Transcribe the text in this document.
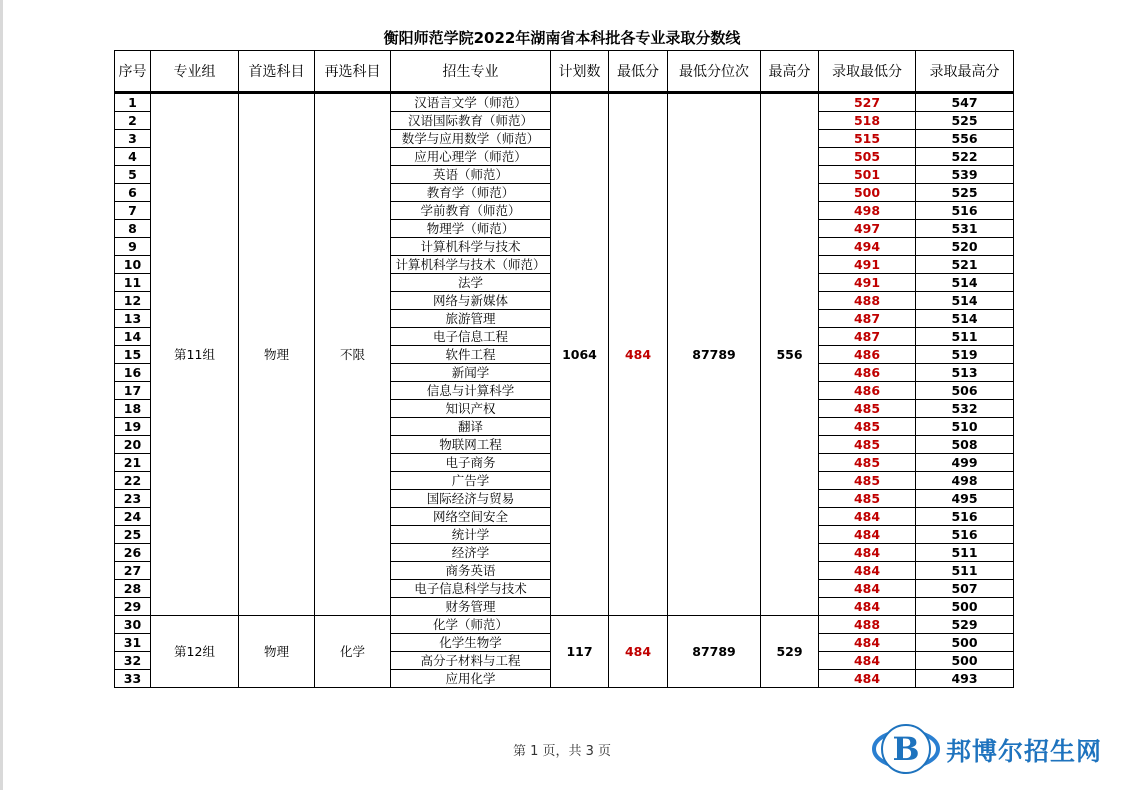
衡阳师范学院2022年湖南省本科批各专业录取分数线
序号	专业组	首选科目	再选科目	招生专业	计划数	最低分	最低分位次	最高分	录取最低分	录取最高分
1	第11组	物理	不限	汉语言文学（师范）	1064	484	87789	556	527	547
2				汉语国际教育（师范）					518	525
3				数学与应用数学（师范）					515	556
4				应用心理学（师范）					505	522
5				英语（师范）					501	539
6				教育学（师范）					500	525
7				学前教育（师范）					498	516
8				物理学（师范）					497	531
9				计算机科学与技术					494	520
10				计算机科学与技术（师范）					491	521
11				法学					491	514
12				网络与新媒体					488	514
13				旅游管理					487	514
14				电子信息工程					487	511
15				软件工程					486	519
16				新闻学					486	513
17				信息与计算科学					486	506
18				知识产权					485	532
19				翻译					485	510
20				物联网工程					485	508
21				电子商务					485	499
22				广告学					485	498
23				国际经济与贸易					485	495
24				网络空间安全					484	516
25				统计学					484	516
26				经济学					484	511
27				商务英语					484	511
28				电子信息科学与技术					484	507
29				财务管理					484	500
30	第12组	物理	化学	化学（师范）	117	484	87789	529	488	529
31				化学生物学					484	500
32				高分子材料与工程					484	500
33				应用化学					484	493
第 1 页，共 3 页	B 邦博尔招生网
